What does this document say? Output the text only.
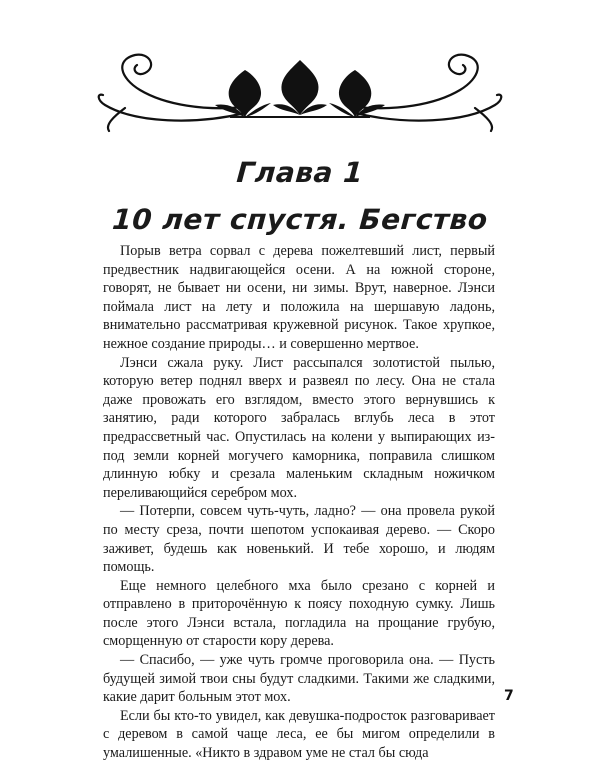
Глава 1
10 лет спустя. Бегство

Порыв ветра сорвал с дерева пожелтевший лист, первый предвестник надвигающейся осени. А на южной стороне, говорят, не бывает ни осени, ни зимы. Врут, наверное. Лэнси поймала лист на лету и положила на шершавую ладонь, внимательно рассматривая кружевной рисунок. Такое хрупкое, нежное создание природы… и совершенно мертвое.

Лэнси сжала руку. Лист рассыпался золотистой пылью, которую ветер поднял вверх и развеял по лесу. Она не стала даже провожать его взглядом, вместо этого вернувшись к занятию, ради которого забралась вглубь леса в этот предрассветный час. Опустилась на колени у выпирающих из-под земли корней могучего каморника, поправила слишком длинную юбку и срезала маленьким складным ножичком переливающийся серебром мох.

— Потерпи, совсем чуть-чуть, ладно? — она провела рукой по месту среза, почти шепотом успокаивая дерево. — Скоро заживет, будешь как новенький. И тебе хорошо, и людям помощь.

Еще немного целебного мха было срезано с корней и отправлено в приторочённую к поясу походную сумку. Лишь после этого Лэнси встала, погладила на прощание грубую, сморщенную от старости кору дерева.

— Спасибо, — уже чуть громче проговорила она. — Пусть будущей зимой твои сны будут сладкими. Такими же сладкими, какие дарит больным этот мох.

Если бы кто-то увидел, как девушка-подросток разговаривает с деревом в самой чаще леса, ее бы мигом определили в умалишенные. «Никто в здравом уме не стал бы сюда

7
